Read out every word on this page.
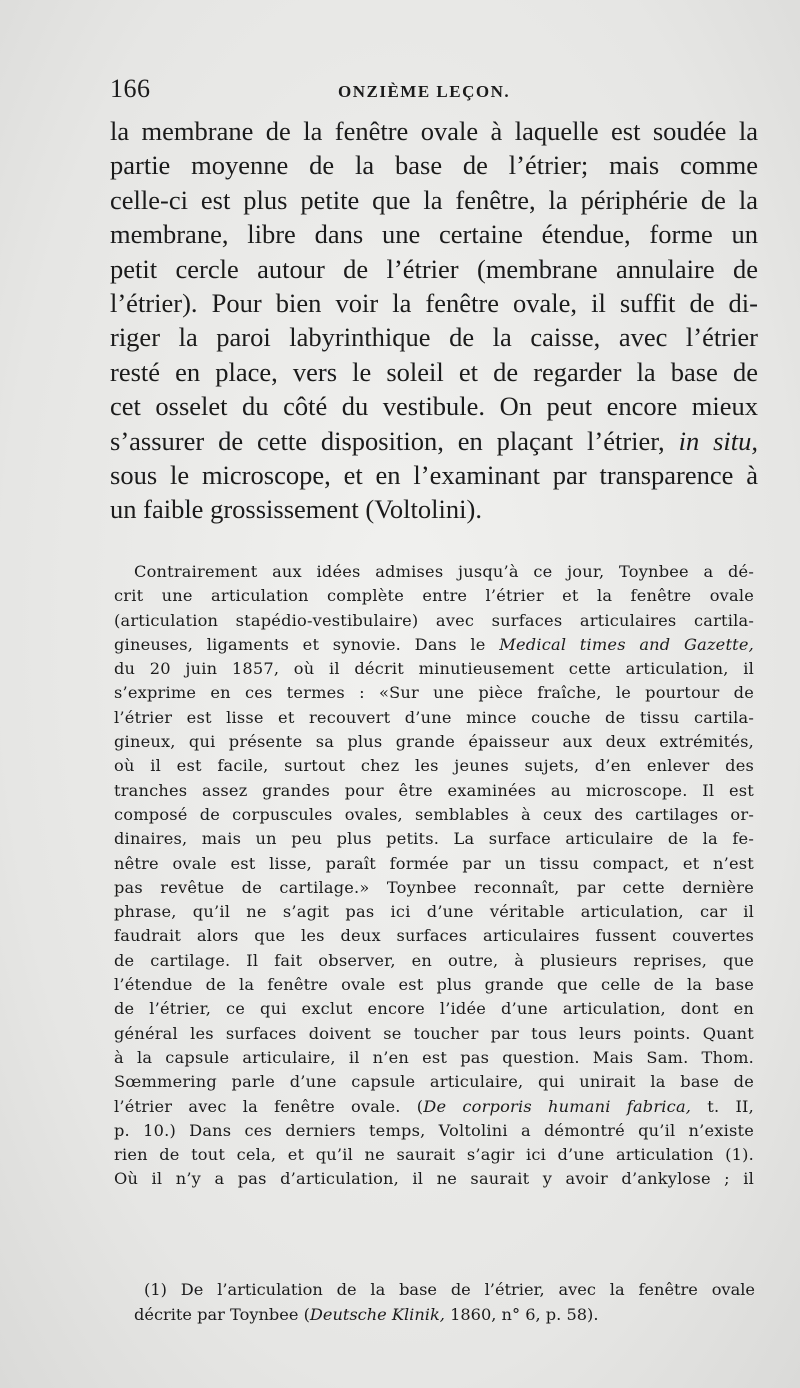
166	ONZIÈME LEÇON.
la membrane de la fenêtre ovale à laquelle est soudée la
partie moyenne de la base de l’étrier; mais comme
celle-ci est plus petite que la fenêtre, la périphérie de la
membrane, libre dans une certaine étendue, forme un
petit cercle autour de l’étrier (membrane annulaire de
l’étrier). Pour bien voir la fenêtre ovale, il suffit de di-
riger la paroi labyrinthique de la caisse, avec l’étrier
resté en place, vers le soleil et de regarder la base de
cet osselet du côté du vestibule. On peut encore mieux
s’assurer de cette disposition, en plaçant l’étrier, in situ,
sous le microscope, et en l’examinant par transparence à
un faible grossissement (Voltolini).
Contrairement aux idées admises jusqu’à ce jour, Toynbee a dé-
crit une articulation complète entre l’étrier et la fenêtre ovale
(articulation stapédio-vestibulaire) avec surfaces articulaires cartila-
gineuses, ligaments et synovie. Dans le Medical times and Gazette,
du 20 juin 1857, où il décrit minutieusement cette articulation, il
s’exprime en ces termes : «Sur une pièce fraîche, le pourtour de
l’étrier est lisse et recouvert d’une mince couche de tissu cartila-
gineux, qui présente sa plus grande épaisseur aux deux extrémités,
où il est facile, surtout chez les jeunes sujets, d’en enlever des
tranches assez grandes pour être examinées au microscope. Il est
composé de corpuscules ovales, semblables à ceux des cartilages or-
dinaires, mais un peu plus petits. La surface articulaire de la fe-
nêtre ovale est lisse, paraît formée par un tissu compact, et n’est
pas revêtue de cartilage.» Toynbee reconnaît, par cette dernière
phrase, qu’il ne s’agit pas ici d’une véritable articulation, car il
faudrait alors que les deux surfaces articulaires fussent couvertes
de cartilage. Il fait observer, en outre, à plusieurs reprises, que
l’étendue de la fenêtre ovale est plus grande que celle de la base
de l’étrier, ce qui exclut encore l’idée d’une articulation, dont en
général les surfaces doivent se toucher par tous leurs points. Quant
à la capsule articulaire, il n’en est pas question. Mais Sam. Thom.
Sœmmering parle d’une capsule articulaire, qui unirait la base de
l’étrier avec la fenêtre ovale. (De corporis humani fabrica, t. II,
p. 10.) Dans ces derniers temps, Voltolini a démontré qu’il n’existe
rien de tout cela, et qu’il ne saurait s’agir ici d’une articulation (1).
Où il n’y a pas d’articulation, il ne saurait y avoir d’ankylose ; il
(1) De l’articulation de la base de l’étrier, avec la fenêtre ovale
décrite par Toynbee (Deutsche Klinik, 1860, n° 6, p. 58).
